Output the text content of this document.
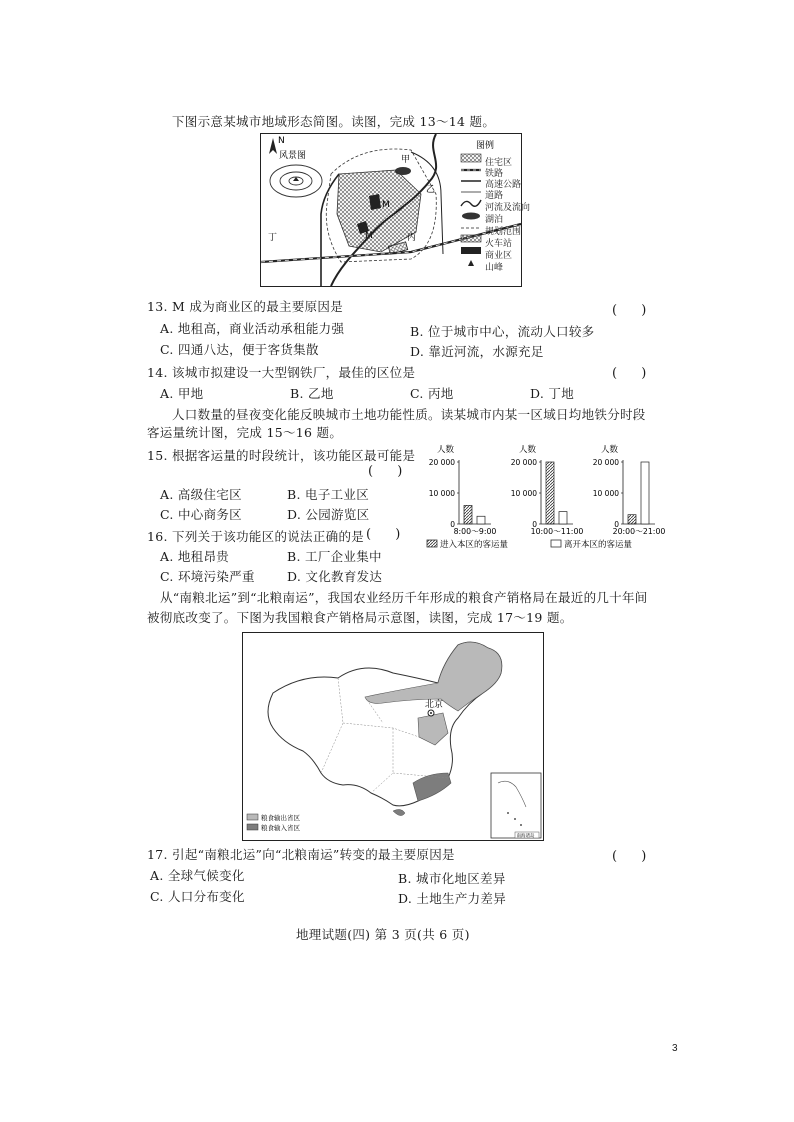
下图示意某城市地域形态简图。读图，完成 13～14 题。
N
风景图
M
M
甲
乙
丙
丁
图例
住宅区
铁路
高速公路
道路
河流及流向
湖泊
规划范围
火车站
商业区
山峰
13. M 成为商业区的最主要原因是	( )
A. 地租高，商业活动承租能力强	B. 位于城市中心，流动人口较多
C. 四通八达，便于客货集散	D. 靠近河流，水源充足
14. 该城市拟建设一大型钢铁厂，最佳的区位是	( )
A. 甲地	B. 乙地	C. 丙地	D. 丁地
人口数量的昼夜变化能反映城市土地功能性质。读某城市内某一区域日均地铁分时段
客运量统计图，完成 15～16 题。
15. 根据客运量的时段统计，该功能区最可能是
( )
A. 高级住宅区	B. 电子工业区
C. 中心商务区	D. 公园游览区
16. 下列关于该功能区的说法正确的是 ( )
A. 地租昂贵	B. 工厂企业集中
C. 环境污染严重	D. 文化教育发达
人数
20 000
10 000
0
8:00～9:00
人数
20 000
10 000
0
10:00～11:00
人数
20 000
10 000
0
20:00～21:00
进入本区的客运量	离开本区的客运量
从“南粮北运”到“北粮南运”，我国农业经历千年形成的粮食产销格局在最近的几十年间
被彻底改变了。下图为我国粮食产销格局示意图，读图，完成 17～19 题。
北京
南海诸岛
粮食输出省区
粮食输入省区
17. 引起“南粮北运”向“北粮南运”转变的最主要原因是	( )
A. 全球气候变化	B. 城市化地区差异
C. 人口分布变化	D. 土地生产力差异
地理试题(四) 第 3 页(共 6 页)
3
